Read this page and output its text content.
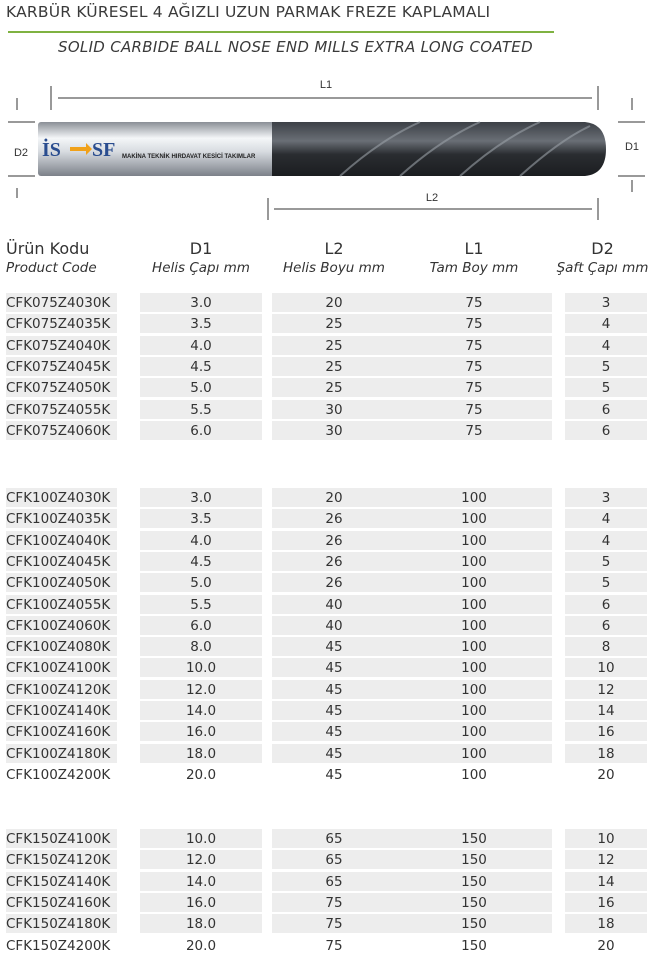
KARBÜR KÜRESEL 4 AĞIZLI UZUN PARMAK FREZE KAPLAMALI
SOLID CARBIDE BALL NOSE END MILLS EXTRA LONG COATED
L1
D2	D1
İS SF MAKİNA TEKNİK HIRDAVAT KESİCİ TAKIMLAR
L2
Ürün Kodu
Product Code
D1
Helis Çapı mm
L2
Helis Boyu mm
L1
Tam Boy mm
D2
Şaft Çapı mm
CFK075Z4030K	3.0	20	75	3
CFK075Z4035K	3.5	25	75	4
CFK075Z4040K	4.0	25	75	4
CFK075Z4045K	4.5	25	75	5
CFK075Z4050K	5.0	25	75	5
CFK075Z4055K	5.5	30	75	6
CFK075Z4060K	6.0	30	75	6
CFK100Z4030K	3.0	20	100	3
CFK100Z4035K	3.5	26	100	4
CFK100Z4040K	4.0	26	100	4
CFK100Z4045K	4.5	26	100	5
CFK100Z4050K	5.0	26	100	5
CFK100Z4055K	5.5	40	100	6
CFK100Z4060K	6.0	40	100	6
CFK100Z4080K	8.0	45	100	8
CFK100Z4100K	10.0	45	100	10
CFK100Z4120K	12.0	45	100	12
CFK100Z4140K	14.0	45	100	14
CFK100Z4160K	16.0	45	100	16
CFK100Z4180K	18.0	45	100	18
CFK100Z4200K	20.0	45	100	20
CFK150Z4100K	10.0	65	150	10
CFK150Z4120K	12.0	65	150	12
CFK150Z4140K	14.0	65	150	14
CFK150Z4160K	16.0	75	150	16
CFK150Z4180K	18.0	75	150	18
CFK150Z4200K	20.0	75	150	20
